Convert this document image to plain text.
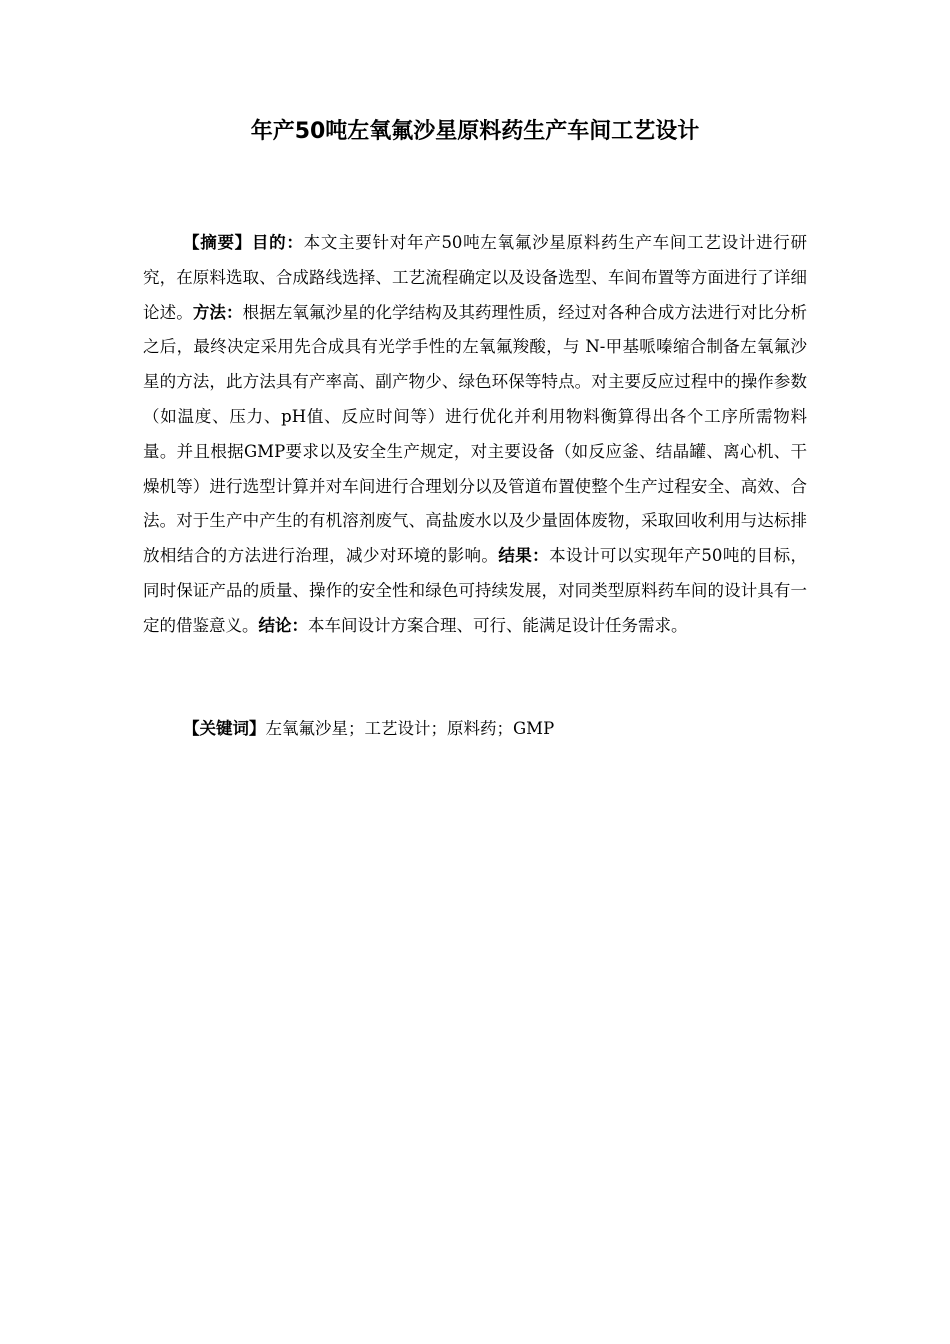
年产50吨左氧氟沙星原料药生产车间工艺设计

【摘要】目的：本文主要针对年产50吨左氧氟沙星原料药生产车间工艺设计进行研究，在原料选取、合成路线选择、工艺流程确定以及设备选型、车间布置等方面进行了详细论述。方法：根据左氧氟沙星的化学结构及其药理性质，经过对各种合成方法进行对比分析之后，最终决定采用先合成具有光学手性的左氧氟羧酸，与 N-甲基哌嗪缩合制备左氧氟沙星的方法，此方法具有产率高、副产物少、绿色环保等特点。对主要反应过程中的操作参数（如温度、压力、pH值、反应时间等）进行优化并利用物料衡算得出各个工序所需物料量。并且根据GMP要求以及安全生产规定，对主要设备（如反应釜、结晶罐、离心机、干燥机等）进行选型计算并对车间进行合理划分以及管道布置使整个生产过程安全、高效、合法。对于生产中产生的有机溶剂废气、高盐废水以及少量固体废物，采取回收利用与达标排放相结合的方法进行治理，减少对环境的影响。结果：本设计可以实现年产50吨的目标，同时保证产品的质量、操作的安全性和绿色可持续发展，对同类型原料药车间的设计具有一定的借鉴意义。结论：本车间设计方案合理、可行、能满足设计任务需求。

【关键词】左氧氟沙星；工艺设计；原料药；GMP
